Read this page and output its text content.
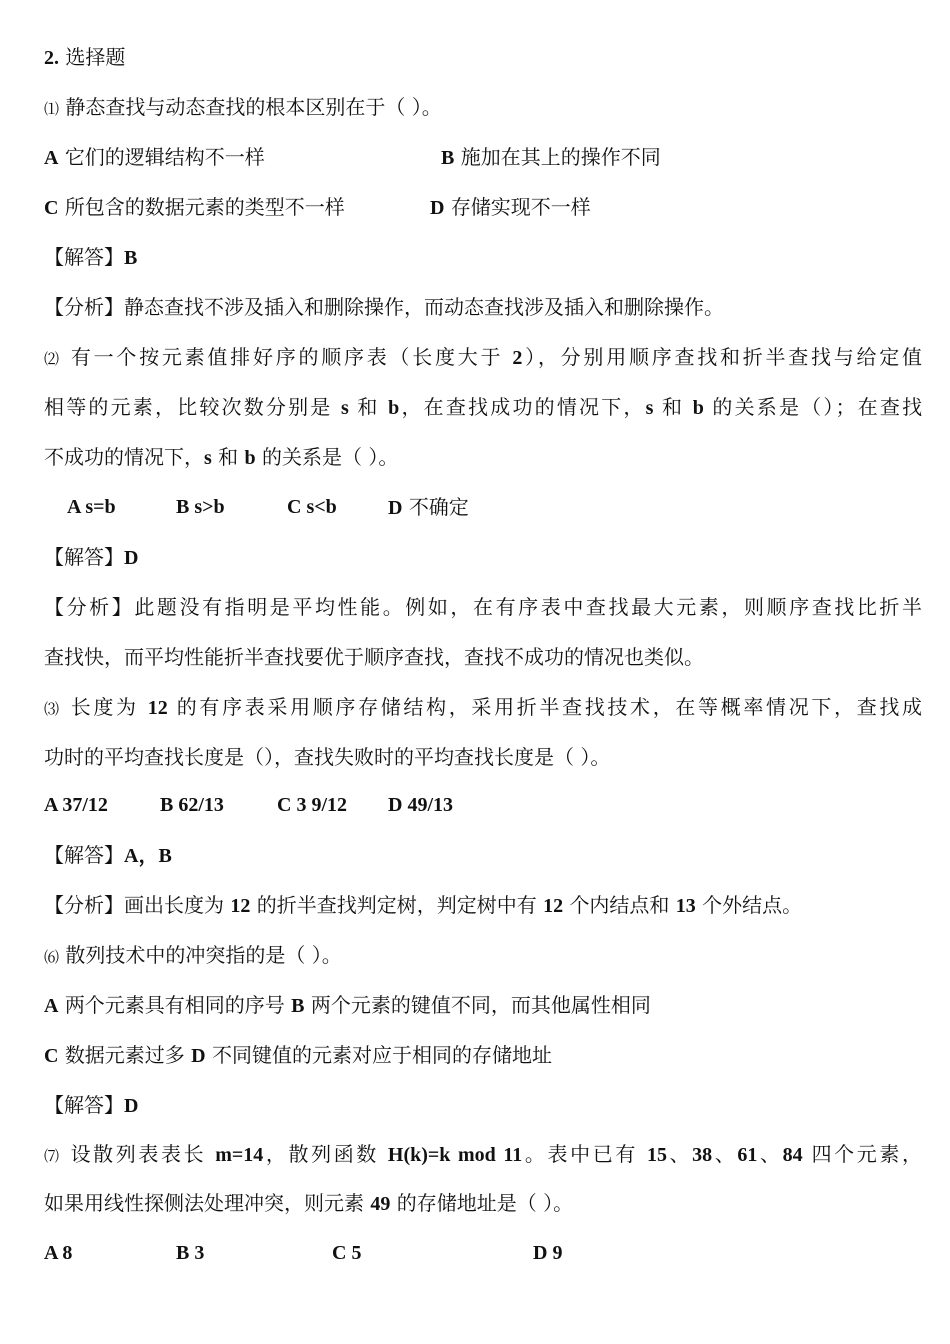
2. 选择题
⑴ 静态查找与动态查找的根本区别在于（ ）。
A 它们的逻辑结构不一样	B 施加在其上的操作不同
C 所包含的数据元素的类型不一样	D 存储实现不一样
【解答】B
【分析】静态查找不涉及插入和删除操作，而动态查找涉及插入和删除操作。
⑵ 有一个按元素值排好序的顺序表（长度大于 2），分别用顺序查找和折半查找与给定值
相等的元素，比较次数分别是 s 和 b，在查找成功的情况下，s 和 b 的关系是（）；在查找
不成功的情况下，s 和 b 的关系是（ ）。
A s=b	B s>b	C s<b	D 不确定
【解答】D
【分析】此题没有指明是平均性能。例如，在有序表中查找最大元素，则顺序查找比折半
查找快，而平均性能折半查找要优于顺序查找，查找不成功的情况也类似。
⑶ 长度为 12 的有序表采用顺序存储结构，采用折半查找技术，在等概率情况下，查找成
功时的平均查找长度是（），查找失败时的平均查找长度是（ ）。
A 37/12	B 62/13	C 3 9/12 D 49/13
【解答】A，B
【分析】画出长度为 12 的折半查找判定树，判定树中有 12 个内结点和 13 个外结点。
⑹ 散列技术中的冲突指的是（ ）。
A 两个元素具有相同的序号 B 两个元素的键值不同，而其他属性相同
C 数据元素过多 D 不同键值的元素对应于相同的存储地址
【解答】D
⑺ 设散列表表长 m=14，散列函数 H(k)=k mod 11。表中已有 15、38、61、84 四个元素，
如果用线性探侧法处理冲突，则元素 49 的存储地址是（ ）。
A 8	B 3	C 5	D 9
